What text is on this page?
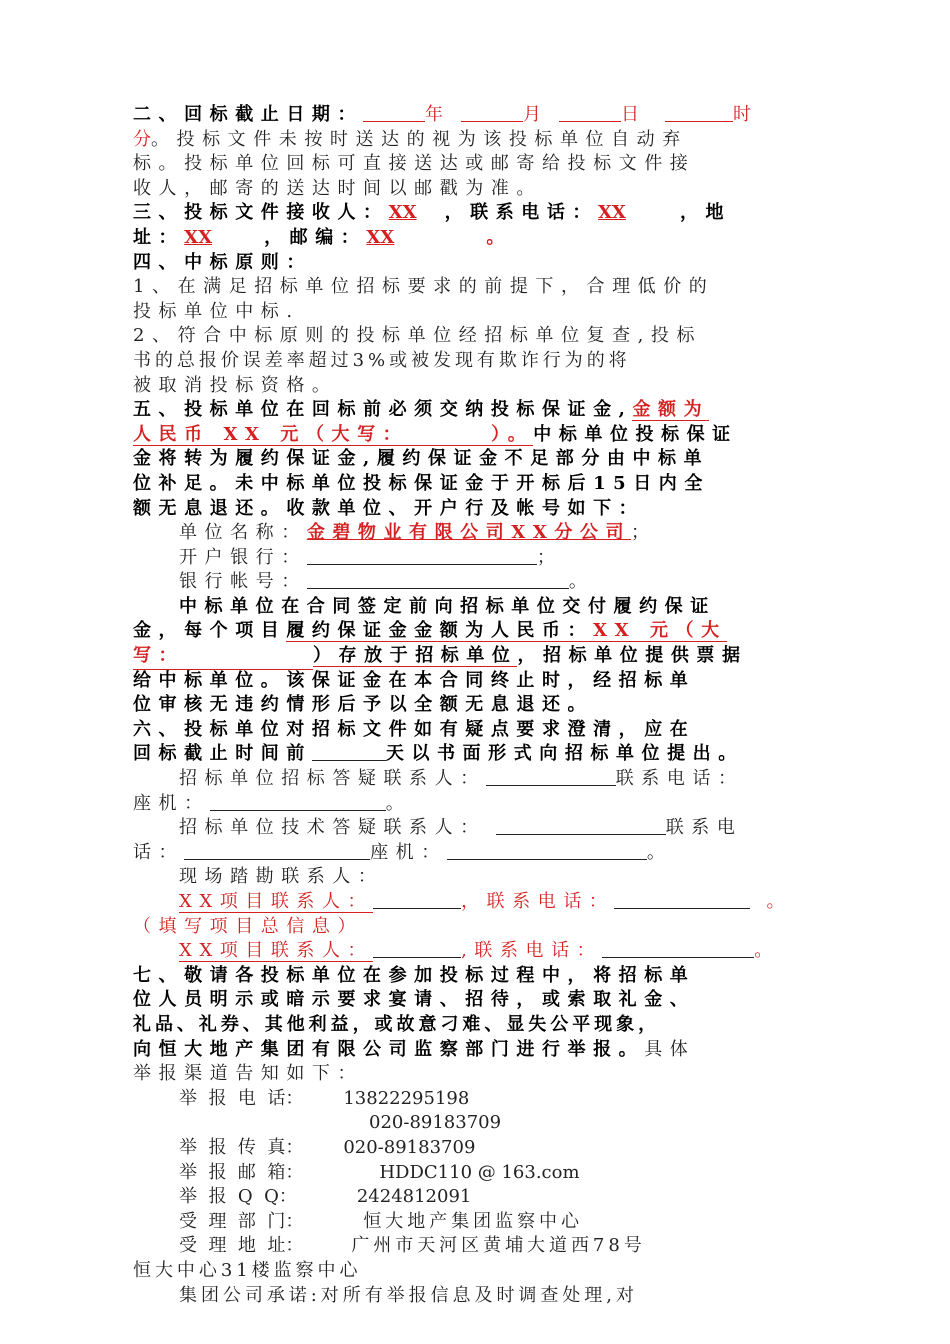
二、回标截止日期：	年	月	日	时
分。投标文件未按时送达的视为该投标单位自动弃
标。投标单位回标可直接送达或邮寄给投标文件接
收人，邮寄的送达时间以邮戳为准。
三、投标文件接收人：XX ，联系电话：XX	，地
址：XX	，邮编：XX	。
四、中标原则：
1、在满足招标单位招标要求的前提下，合理低价的
投标单位中标.
2、符合中标原则的投标单位经招标单位复查,投标
书的总报价误差率超过3%或被发现有欺诈行为的将
被取消投标资格。
五、投标单位在回标前必须交纳投标保证金,金额为
人民币 XX 元（大写：      ）。中标单位投标保证
金将转为履约保证金,履约保证金不足部分由中标单
位补足。未中标单位投标保证金于开标后15日内全
额无息退还。收款单位、开户行及帐号如下：
单位名称：金碧物业有限公司XX分公司；
开户银行：	；
银行帐号：	。
中标单位在合同签定前向招标单位交付履约保证
金，每个项目履约保证金金额为人民币：XX 元（大
写：	）存放于招标单位，招标单位提供票据
给中标单位。该保证金在本合同终止时，经招标单
位审核无违约情形后予以全额无息退还。
六、投标单位对招标文件如有疑点要求澄清，应在
回标截止时间前	天以书面形式向招标单位提出。
招标单位招标答疑联系人：	联系电话：
座机：	。
招标单位技术答疑联系人：	联系电
话：	座机：	。
现场踏勘联系人：
XX项目联系人：	，联系电话：	。
（填写项目总信息）
XX项目联系人：	,联系电话：	。
七、敬请各投标单位在参加投标过程中，将招标单
位人员明示或暗示要求宴请、招待，或索取礼金、
礼品、礼券、其他利益，或故意刁难、显失公平现象，
向恒大地产集团有限公司监察部门进行举报。具体
举报渠道告知如下：
举  报  电  话： 13822295198
020-89183709
举  报  传  真： 020-89183709
举  报  邮  箱：	HDDC110 @ 163.com
举  报  Q  Q：	2424812091
受  理  部  门：	恒大地产集团监察中心
受  理  地  址：	广州市天河区黄埔大道西78号
恒大中心31楼监察中心
集团公司承诺:对所有举报信息及时调查处理,对
